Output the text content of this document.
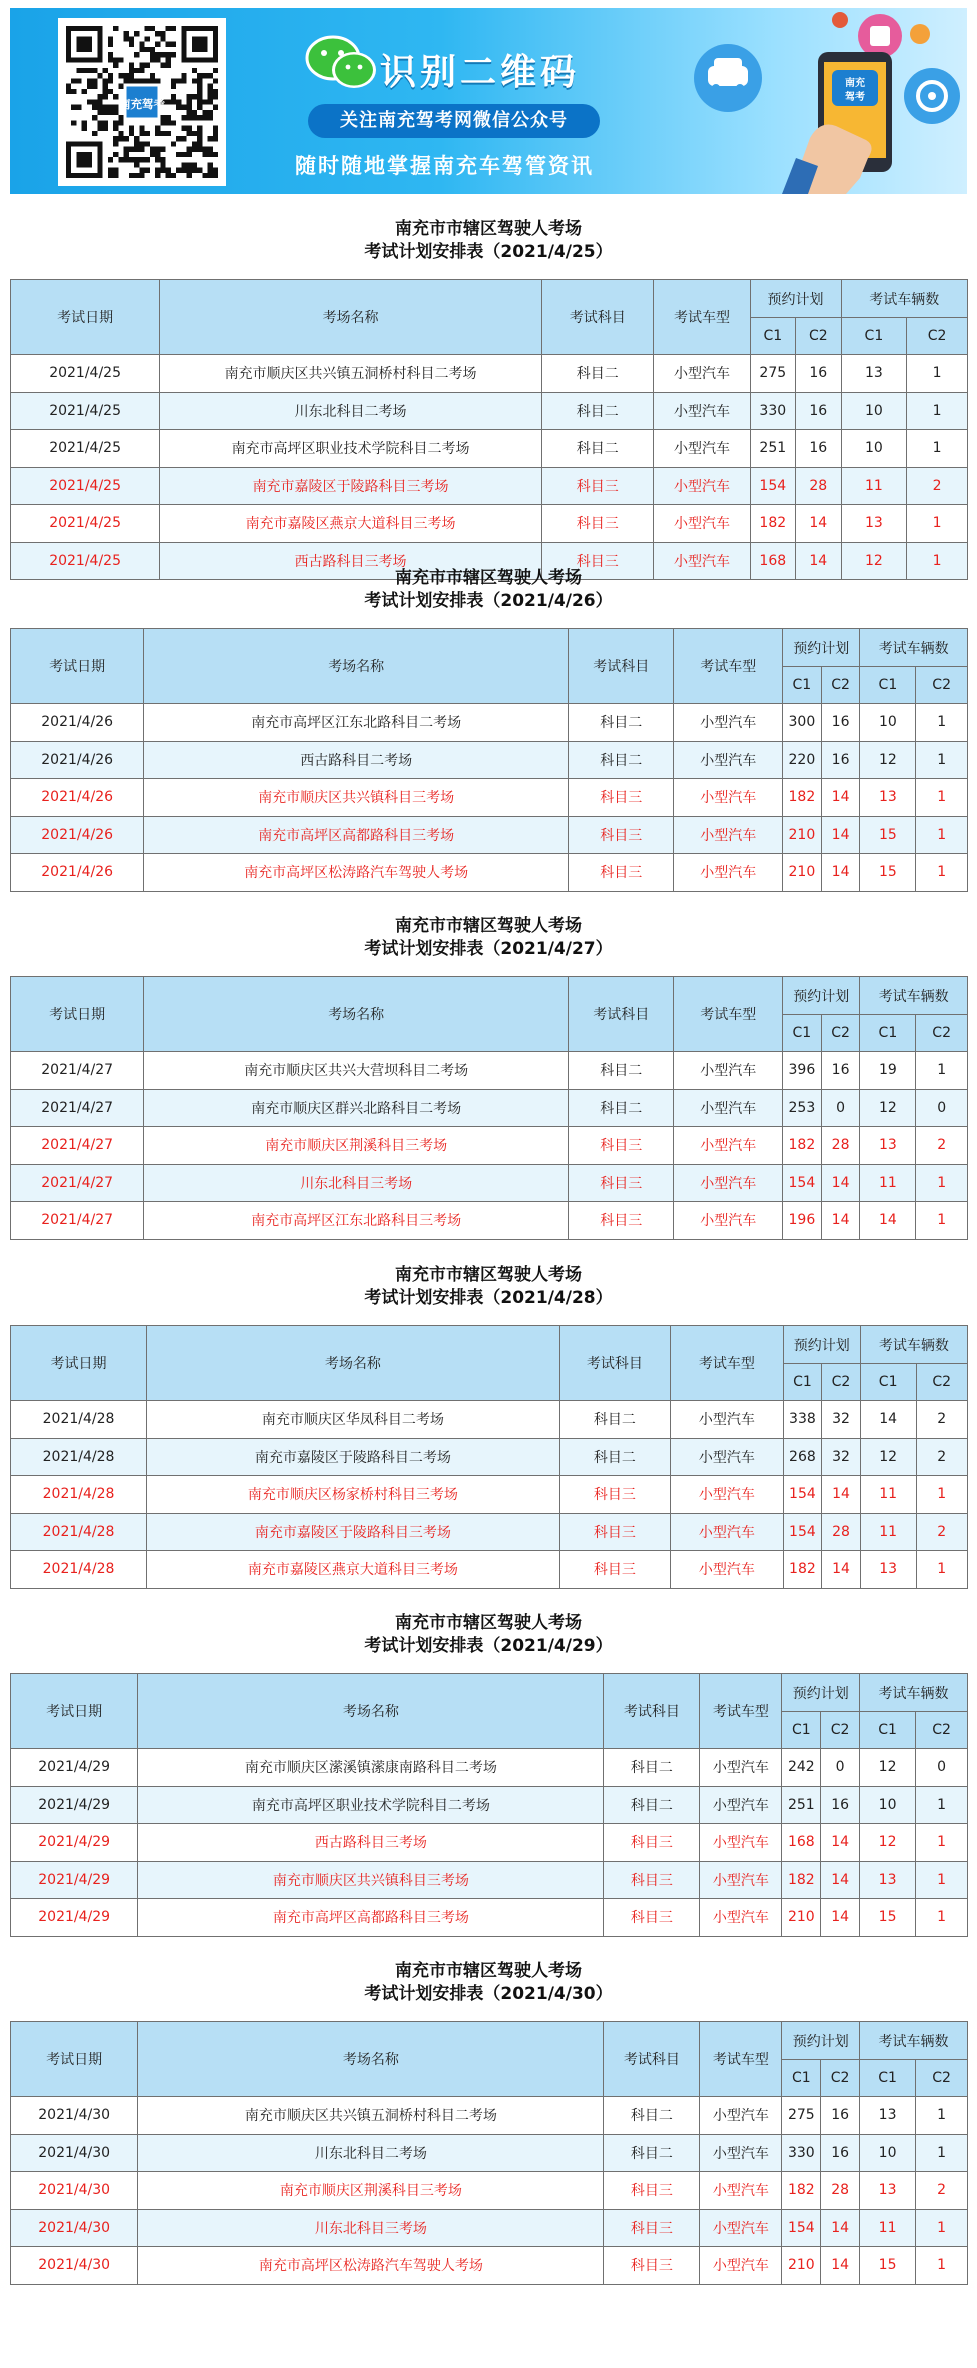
南充驾考
识别二维码
关注南充驾考网微信公众号
随时随地掌握南充车驾管资讯
南充
驾考
南充市市辖区驾驶人考场
考试计划安排表（2021/4/25）
考试日期	考场名称	考试科目	考试车型	预约计划		考试车辆数	
				C1	C2	C1	C2
2021/4/25	南充市顺庆区共兴镇五洞桥村科目二考场	科目二	小型汽车	275	16	13	1
2021/4/25	川东北科目二考场	科目二	小型汽车	330	16	10	1
2021/4/25	南充市高坪区职业技术学院科目二考场	科目二	小型汽车	251	16	10	1
2021/4/25	南充市嘉陵区于陵路科目三考场	科目三	小型汽车	154	28	11	2
2021/4/25	南充市嘉陵区燕京大道科目三考场	科目三	小型汽车	182	14	13	1
2021/4/25	西古路科目三考场	科目三	小型汽车	168	14	12	1
南充市市辖区驾驶人考场
考试计划安排表（2021/4/26）
考试日期	考场名称	考试科目	考试车型	预约计划		考试车辆数	
				C1	C2	C1	C2
2021/4/26	南充市高坪区江东北路科目二考场	科目二	小型汽车	300	16	10	1
2021/4/26	西古路科目二考场	科目二	小型汽车	220	16	12	1
2021/4/26	南充市顺庆区共兴镇科目三考场	科目三	小型汽车	182	14	13	1
2021/4/26	南充市高坪区高都路科目三考场	科目三	小型汽车	210	14	15	1
2021/4/26	南充市高坪区松涛路汽车驾驶人考场	科目三	小型汽车	210	14	15	1
南充市市辖区驾驶人考场
考试计划安排表（2021/4/27）
考试日期	考场名称	考试科目	考试车型	预约计划		考试车辆数	
				C1	C2	C1	C2
2021/4/27	南充市顺庆区共兴大营坝科目二考场	科目二	小型汽车	396	16	19	1
2021/4/27	南充市顺庆区群兴北路科目二考场	科目二	小型汽车	253	0	12	0
2021/4/27	南充市顺庆区荆溪科目三考场	科目三	小型汽车	182	28	13	2
2021/4/27	川东北科目三考场	科目三	小型汽车	154	14	11	1
2021/4/27	南充市高坪区江东北路科目三考场	科目三	小型汽车	196	14	14	1
南充市市辖区驾驶人考场
考试计划安排表（2021/4/28）
考试日期	考场名称	考试科目	考试车型	预约计划		考试车辆数	
				C1	C2	C1	C2
2021/4/28	南充市顺庆区华凤科目二考场	科目二	小型汽车	338	32	14	2
2021/4/28	南充市嘉陵区于陵路科目二考场	科目二	小型汽车	268	32	12	2
2021/4/28	南充市顺庆区杨家桥村科目三考场	科目三	小型汽车	154	14	11	1
2021/4/28	南充市嘉陵区于陵路科目三考场	科目三	小型汽车	154	28	11	2
2021/4/28	南充市嘉陵区燕京大道科目三考场	科目三	小型汽车	182	14	13	1
南充市市辖区驾驶人考场
考试计划安排表（2021/4/29）
考试日期	考场名称	考试科目	考试车型	预约计划		考试车辆数	
				C1	C2	C1	C2
2021/4/29	南充市顺庆区潆溪镇潆康南路科目二考场	科目二	小型汽车	242	0	12	0
2021/4/29	南充市高坪区职业技术学院科目二考场	科目二	小型汽车	251	16	10	1
2021/4/29	西古路科目三考场	科目三	小型汽车	168	14	12	1
2021/4/29	南充市顺庆区共兴镇科目三考场	科目三	小型汽车	182	14	13	1
2021/4/29	南充市高坪区高都路科目三考场	科目三	小型汽车	210	14	15	1
南充市市辖区驾驶人考场
考试计划安排表（2021/4/30）
考试日期	考场名称	考试科目	考试车型	预约计划		考试车辆数	
				C1	C2	C1	C2
2021/4/30	南充市顺庆区共兴镇五洞桥村科目二考场	科目二	小型汽车	275	16	13	1
2021/4/30	川东北科目二考场	科目二	小型汽车	330	16	10	1
2021/4/30	南充市顺庆区荆溪科目三考场	科目三	小型汽车	182	28	13	2
2021/4/30	川东北科目三考场	科目三	小型汽车	154	14	11	1
2021/4/30	南充市高坪区松涛路汽车驾驶人考场	科目三	小型汽车	210	14	15	1
